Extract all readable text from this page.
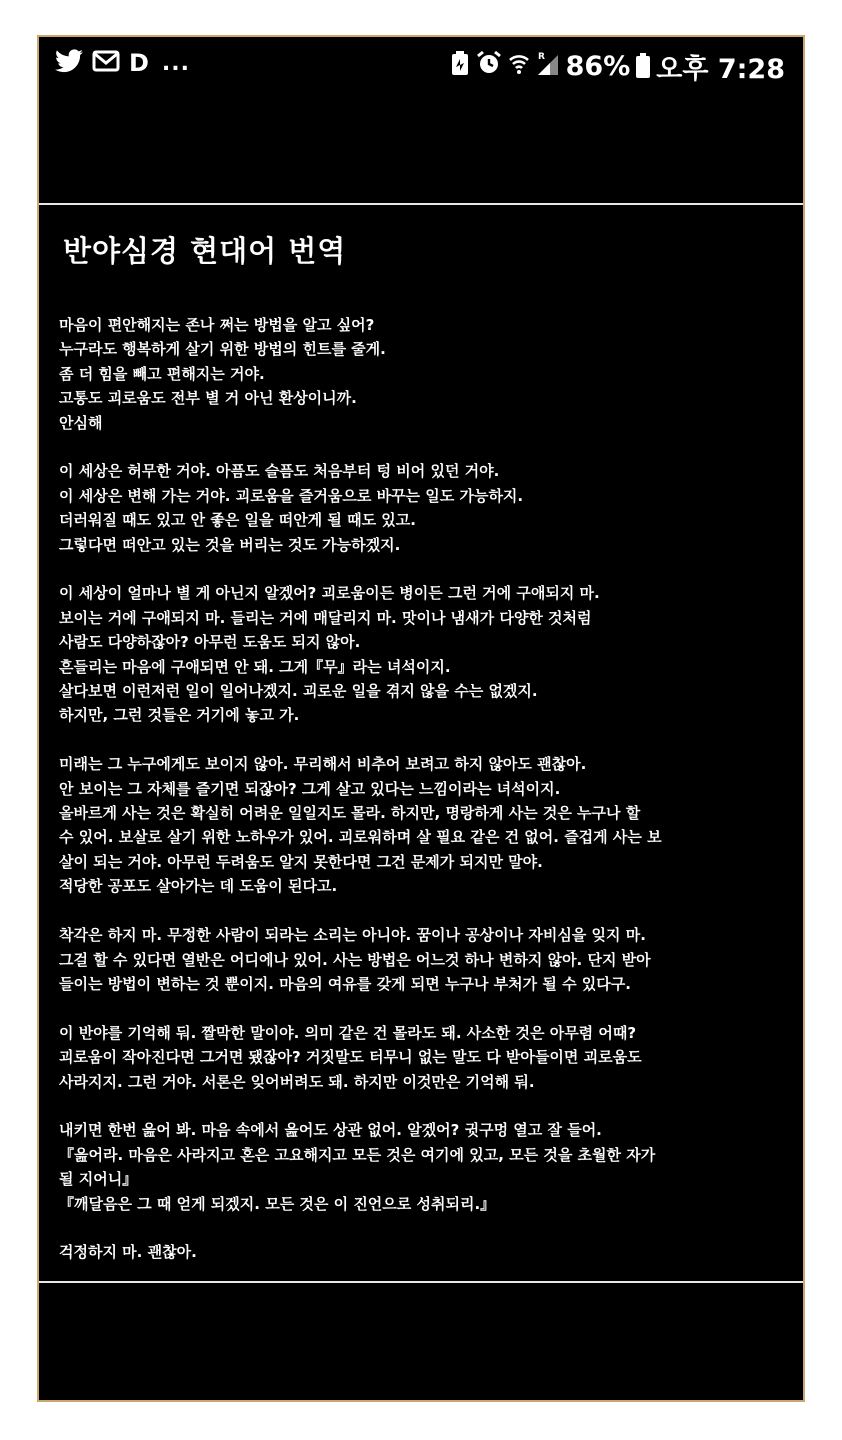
D ...	R 86% 오후 7:28
반야심경 현대어 번역
마음이 편안해지는 존나 쩌는 방법을 알고 싶어?
누구라도 행복하게 살기 위한 방법의 힌트를 줄게.
좀 더 힘을 빼고 편해지는 거야.
고통도 괴로움도 전부 별 거 아닌 환상이니까.
안심해
이 세상은 허무한 거야. 아픔도 슬픔도 처음부터 텅 비어 있던 거야.
이 세상은 변해 가는 거야. 괴로움을 즐거움으로 바꾸는 일도 가능하지.
더러워질 때도 있고 안 좋은 일을 떠안게 될 때도 있고.
그렇다면 떠안고 있는 것을 버리는 것도 가능하겠지.
이 세상이 얼마나 별 게 아닌지 알겠어? 괴로움이든 병이든 그런 거에 구애되지 마.
보이는 거에 구애되지 마. 들리는 거에 매달리지 마. 맛이나 냄새가 다양한 것처럼
사람도 다양하잖아? 아무런 도움도 되지 않아.
흔들리는 마음에 구애되면 안 돼. 그게『무』라는 녀석이지.
살다보면 이런저런 일이 일어나겠지. 괴로운 일을 겪지 않을 수는 없겠지.
하지만, 그런 것들은 거기에 놓고 가.
미래는 그 누구에게도 보이지 않아. 무리해서 비추어 보려고 하지 않아도 괜찮아.
안 보이는 그 자체를 즐기면 되잖아? 그게 살고 있다는 느낌이라는 녀석이지.
올바르게 사는 것은 확실히 어려운 일일지도 몰라. 하지만, 명랑하게 사는 것은 누구나 할
수 있어. 보살로 살기 위한 노하우가 있어. 괴로워하며 살 필요 같은 건 없어. 즐겁게 사는 보
살이 되는 거야. 아무런 두려움도 알지 못한다면 그건 문제가 되지만 말야.
적당한 공포도 살아가는 데 도움이 된다고.
착각은 하지 마. 무정한 사람이 되라는 소리는 아니야. 꿈이나 공상이나 자비심을 잊지 마.
그걸 할 수 있다면 열반은 어디에나 있어. 사는 방법은 어느것 하나 변하지 않아. 단지 받아
들이는 방법이 변하는 것 뿐이지. 마음의 여유를 갖게 되면 누구나 부처가 될 수 있다구.
이 반야를 기억해 둬. 짤막한 말이야. 의미 같은 건 몰라도 돼. 사소한 것은 아무렴 어때?
괴로움이 작아진다면 그거면 됐잖아? 거짓말도 터무니 없는 말도 다 받아들이면 괴로움도
사라지지. 그런 거야. 서론은 잊어버려도 돼. 하지만 이것만은 기억해 둬.
내키면 한번 읊어 봐. 마음 속에서 읊어도 상관 없어. 알겠어? 귓구멍 열고 잘 들어.
『읊어라. 마음은 사라지고 혼은 고요해지고 모든 것은 여기에 있고, 모든 것을 초월한 자가
될 지어니』
『깨달음은 그 때 얻게 되겠지. 모든 것은 이 진언으로 성취되리.』
걱정하지 마. 괜찮아.
